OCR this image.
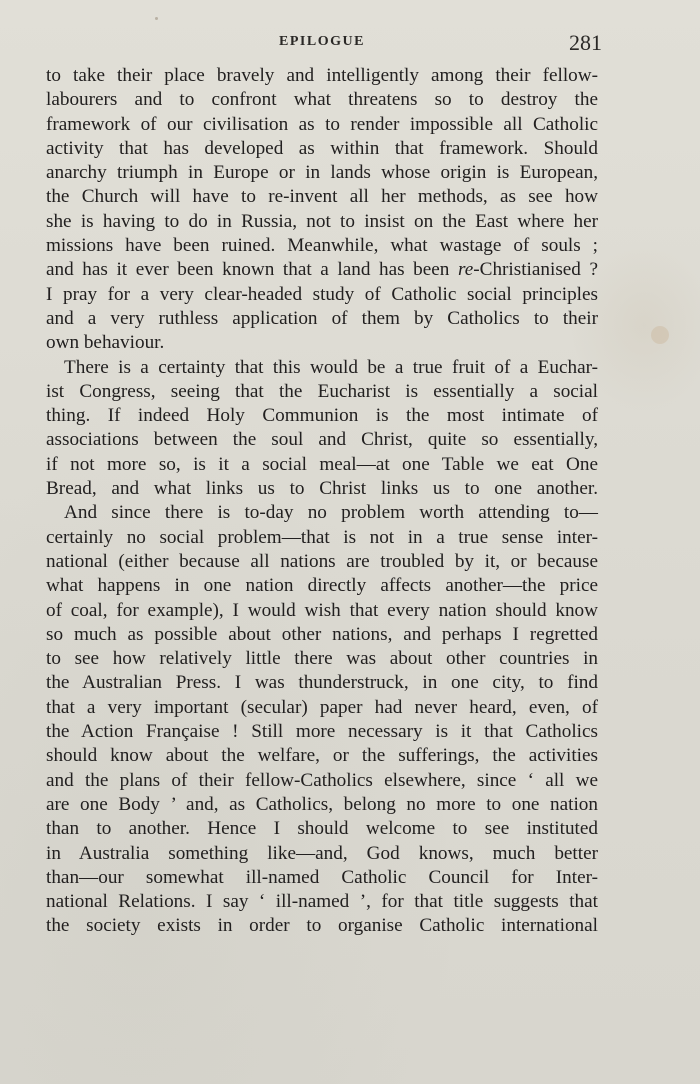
EPILOGUE	281
to take their place bravely and intelligently among their fellow-
labourers and to confront what threatens so to destroy the
framework of our civilisation as to render impossible all Catholic
activity that has developed as within that framework. Should
anarchy triumph in Europe or in lands whose origin is European,
the Church will have to re-invent all her methods, as see how
she is having to do in Russia, not to insist on the East where her
missions have been ruined. Meanwhile, what wastage of souls ;
and has it ever been known that a land has been re-Christianised ?
I pray for a very clear-headed study of Catholic social principles
and a very ruthless application of them by Catholics to their
own behaviour.
There is a certainty that this would be a true fruit of a Euchar-
ist Congress, seeing that the Eucharist is essentially a social
thing. If indeed Holy Communion is the most intimate of
associations between the soul and Christ, quite so essentially,
if not more so, is it a social meal—at one Table we eat One
Bread, and what links us to Christ links us to one another.
And since there is to-day no problem worth attending to—
certainly no social problem—that is not in a true sense inter-
national (either because all nations are troubled by it, or because
what happens in one nation directly affects another—the price
of coal, for example), I would wish that every nation should know
so much as possible about other nations, and perhaps I regretted
to see how relatively little there was about other countries in
the Australian Press. I was thunderstruck, in one city, to find
that a very important (secular) paper had never heard, even, of
the Action Française ! Still more necessary is it that Catholics
should know about the welfare, or the sufferings, the activities
and the plans of their fellow-Catholics elsewhere, since ‘ all we
are one Body ’ and, as Catholics, belong no more to one nation
than to another. Hence I should welcome to see instituted
in Australia something like—and, God knows, much better
than—our somewhat ill-named Catholic Council for Inter-
national Relations. I say ‘ ill-named ’, for that title suggests that
the society exists in order to organise Catholic international
